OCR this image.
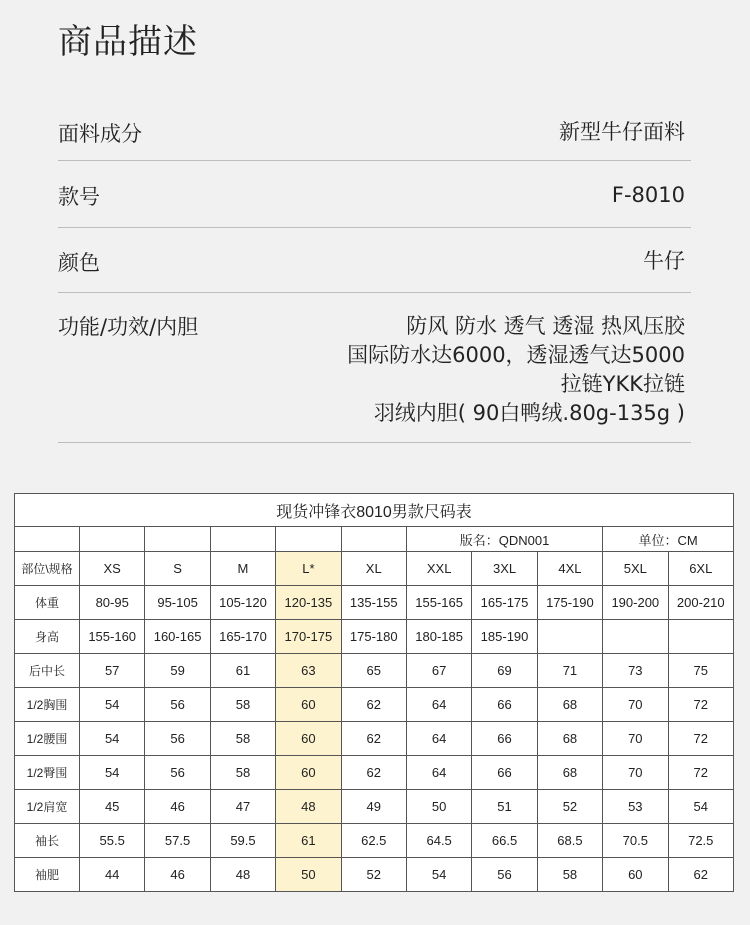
商品描述
面料成分	新型牛仔面料
款号	F-8010
颜色	牛仔
功能/功效/内胆	防风 防水 透气 透湿 热风压胶
国际防水达6000，透湿透气达5000
拉链YKK拉链
羽绒内胆( 90白鸭绒.80g-135g )
现货冲锋衣8010男款尺码表										
						版名：QDN001			单位：CM	
部位\规格	XS	S	M	L*	XL	XXL	3XL	4XL	5XL	6XL
体重	80-95	95-105	105-120	120-135	135-155	155-165	165-175	175-190	190-200	200-210
身高	155-160	160-165	165-170	170-175	175-180	180-185	185-190			
后中长	57	59	61	63	65	67	69	71	73	75
1/2胸围	54	56	58	60	62	64	66	68	70	72
1/2腰围	54	56	58	60	62	64	66	68	70	72
1/2臀围	54	56	58	60	62	64	66	68	70	72
1/2肩宽	45	46	47	48	49	50	51	52	53	54
袖长	55.5	57.5	59.5	61	62.5	64.5	66.5	68.5	70.5	72.5
袖肥	44	46	48	50	52	54	56	58	60	62
